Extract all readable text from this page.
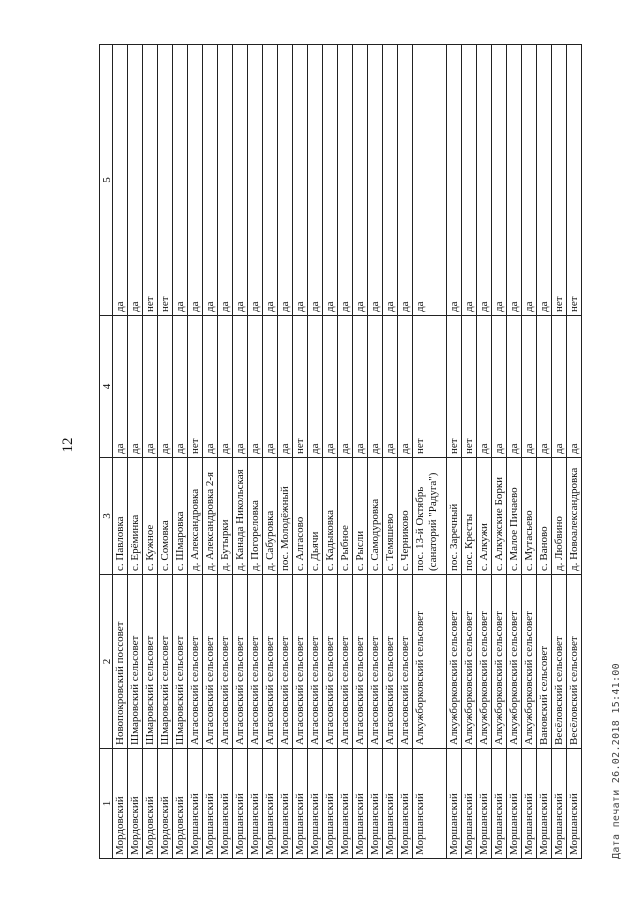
12
1
2
3
4
5
Мордовский
Новопокровский поссовет
с. Павловка
да
да
Мордовский
Шмаровский сельсовет
с. Ерёминка
да
да
Мордовский
Шмаровский сельсовет
с. Кужное
да
нет
Мордовский
Шмаровский сельсовет
с. Сомовка
да
нет
Мордовский
Шмаровский сельсовет
с. Шмаровка
да
да
Моршанский
Алгасовский сельсовет
д. Александровка
нет
да
Моршанский
Алгасовский сельсовет
д. Александровка 2-я
да
да
Моршанский
Алгасовский сельсовет
д. Бутырки
да
да
Моршанский
Алгасовский сельсовет
д. Канада Никольская
да
да
Моршанский
Алгасовский сельсовет
д. Погореловка
да
да
Моршанский
Алгасовский сельсовет
д. Сабуровка
да
да
Моршанский
Алгасовский сельсовет
пос. Молодёжный
да
да
Моршанский
Алгасовский сельсовет
с. Алгасово
нет
да
Моршанский
Алгасовский сельсовет
с. Дьячи
да
да
Моршанский
Алгасовский сельсовет
с. Кадыковка
да
да
Моршанский
Алгасовский сельсовет
с. Рыбное
да
да
Моршанский
Алгасовский сельсовет
с. Рысли
да
да
Моршанский
Алгасовский сельсовет
с. Самодуровка
да
да
Моршанский
Алгасовский сельсовет
с. Темяшево
да
да
Моршанский
Алгасовский сельсовет
с. Черниково
да
да
Моршанский
Алкужборковский сельсовет
пос. 13-й Октябрь (санаторий "Радуга")
нет
да
Моршанский
Алкужборковский сельсовет
пос. Заречный
нет
да
Моршанский
Алкужборковский сельсовет
пос. Кресты
нет
да
Моршанский
Алкужборковский сельсовет
с. Алкужи
да
да
Моршанский
Алкужборковский сельсовет
с. Алкужские Борки
да
да
Моршанский
Алкужборковский сельсовет
с. Малое Пичаево
да
да
Моршанский
Алкужборковский сельсовет
с. Мутасьево
да
да
Моршанский
Вановский сельсовет
с. Ваново
да
да
Моршанский
Весёловский сельсовет
д. Любвино
да
нет
Моршанский
Весёловский сельсовет
д. Новоалександровка
да
нет
Дата печати 26.02.2018 15:41:00
